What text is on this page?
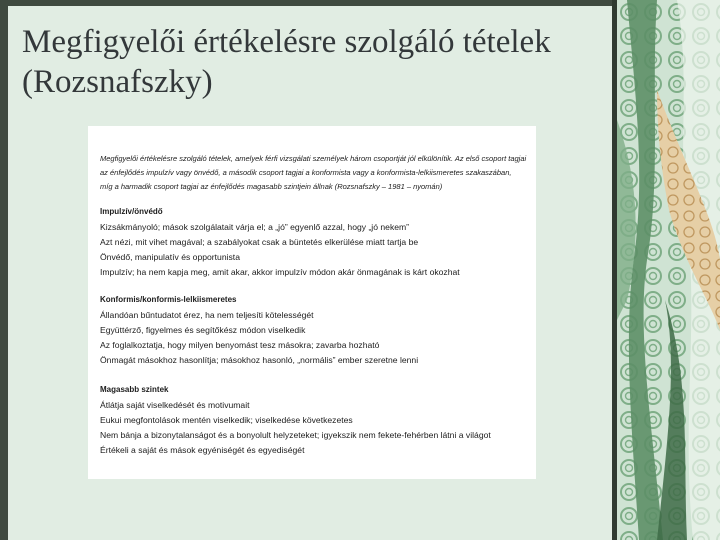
Megfigyelői értékelésre szolgáló tételek (Rozsnafszky)
Megfigyelői értékelésre szolgáló tételek, amelyek férfi vizsgálati személyek három csoportját jól elkülönítik. Az első csoport tagjai
az énfejlődés impulzív vagy önvédő, a második csoport tagjai a konformista vagy a konformista-lelkiismeretes szakaszában,
míg a harmadik csoport tagjai az énfejlődés magasabb szintjein állnak (Rozsnafszky – 1981 – nyomán)
Impulzív/önvédő
Kizsákmányoló; mások szolgálatait várja el; a „jó” egyenlő azzal, hogy „jó nekem”
Azt nézi, mit vihet magával; a szabályokat csak a büntetés elkerülése miatt tartja be
Önvédő, manipulatív és opportunista
Impulzív; ha nem kapja meg, amit akar, akkor impulzív módon akár önmagának is kárt okozhat
Konformis/konformis-lelkiismeretes
Állandóan bűntudatot érez, ha nem teljesíti kötelességét
Együttérző, figyelmes és segítőkész módon viselkedik
Az foglalkoztatja, hogy milyen benyomást tesz másokra; zavarba hozható
Önmagát másokhoz hasonlítja; másokhoz hasonló, „normális” ember szeretne lenni
Magasabb szintek
Átlátja saját viselkedését és motivumait
Eukui megfontolások mentén viselkedik; viselkedése következetes
Nem bánja a bizonytalanságot és a bonyolult helyzeteket; igyekszik nem fekete-fehérben látni a világot
Értékeli a saját és mások egyéniségét és egyediségét
